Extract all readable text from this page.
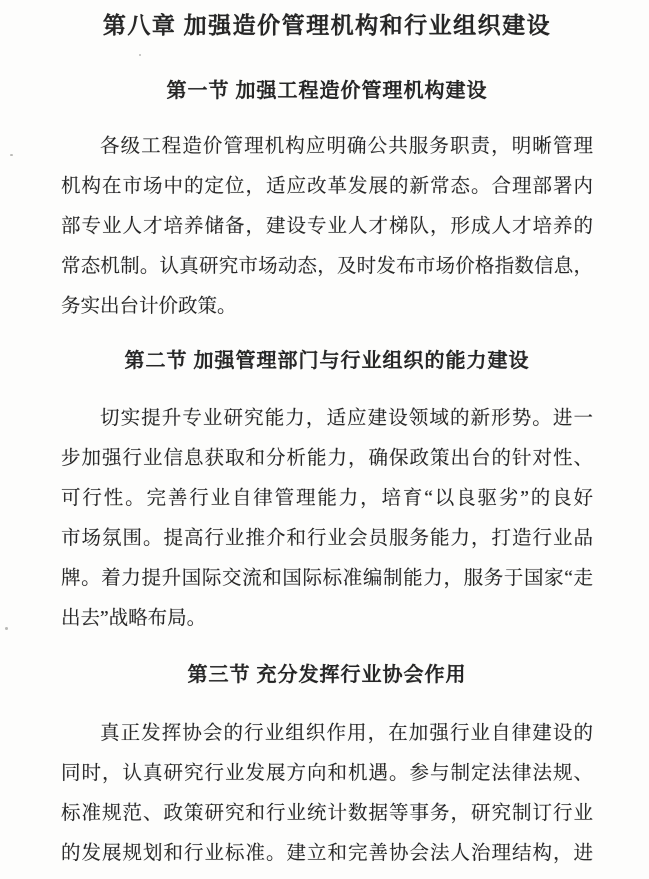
第八章 加强造价管理机构和行业组织建设
第一节 加强工程造价管理机构建设
各级工程造价管理机构应明确公共服务职责，明晰管理
机构在市场中的定位，适应改革发展的新常态。合理部署内
部专业人才培养储备，建设专业人才梯队，形成人才培养的
常态机制。认真研究市场动态，及时发布市场价格指数信息，
务实出台计价政策。
第二节 加强管理部门与行业组织的能力建设
切实提升专业研究能力，适应建设领域的新形势。进一
步加强行业信息获取和分析能力，确保政策出台的针对性、
可行性。完善行业自律管理能力，培育“以良驱劣”的良好
市场氛围。提高行业推介和行业会员服务能力，打造行业品
牌。着力提升国际交流和国际标准编制能力，服务于国家“走
出去”战略布局。
第三节 充分发挥行业协会作用
真正发挥协会的行业组织作用，在加强行业自律建设的
同时，认真研究行业发展方向和机遇。参与制定法律法规、
标准规范、政策研究和行业统计数据等事务，研究制订行业
的发展规划和行业标准。建立和完善协会法人治理结构，进
